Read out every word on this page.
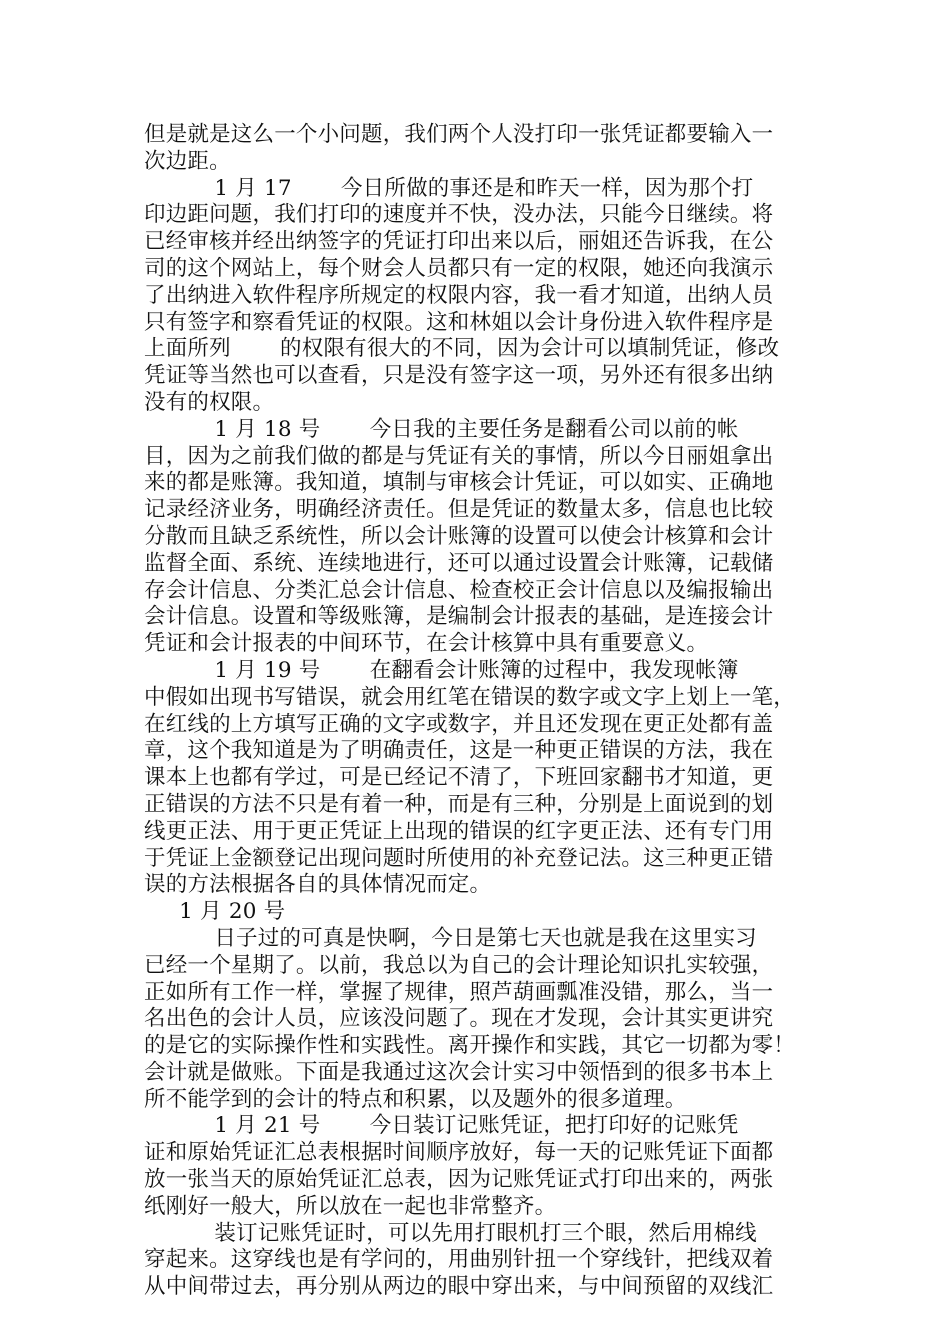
但是就是这么一个小问题，我们两个人没打印一张凭证都要输入一
次边距。
1 月 17       今日所做的事还是和昨天一样，因为那个打
印边距问题，我们打印的速度并不快，没办法，只能今日继续。将
已经审核并经出纳签字的凭证打印出来以后，丽姐还告诉我，在公
司的这个网站上，每个财会人员都只有一定的权限，她还向我演示
了出纳进入软件程序所规定的权限内容，我一看才知道，出纳人员
只有签字和察看凭证的权限。这和林姐以会计身份进入软件程序是
上面所列       的权限有很大的不同，因为会计可以填制凭证，修改
凭证等当然也可以查看，只是没有签字这一项，另外还有很多出纳
没有的权限。
1 月 18 号       今日我的主要任务是翻看公司以前的帐
目，因为之前我们做的都是与凭证有关的事情，所以今日丽姐拿出
来的都是账簿。我知道，填制与审核会计凭证，可以如实、正确地
记录经济业务，明确经济责任。但是凭证的数量太多，信息也比较
分散而且缺乏系统性，所以会计账簿的设置可以使会计核算和会计
监督全面、系统、连续地进行，还可以通过设置会计账簿，记载储
存会计信息、分类汇总会计信息、检查校正会计信息以及编报输出
会计信息。设置和等级账簿，是编制会计报表的基础，是连接会计
凭证和会计报表的中间环节，在会计核算中具有重要意义。
1 月 19 号       在翻看会计账簿的过程中，我发现帐簿
中假如出现书写错误，就会用红笔在错误的数字或文字上划上一笔，
在红线的上方填写正确的文字或数字，并且还发现在更正处都有盖
章，这个我知道是为了明确责任，这是一种更正错误的方法，我在
课本上也都有学过，可是已经记不清了，下班回家翻书才知道，更
正错误的方法不只是有着一种，而是有三种，分别是上面说到的划
线更正法、用于更正凭证上出现的错误的红字更正法、还有专门用
于凭证上金额登记出现问题时所使用的补充登记法。这三种更正错
误的方法根据各自的具体情况而定。
1 月 20 号
日子过的可真是快啊，今日是第七天也就是我在这里实习
已经一个星期了。以前，我总以为自己的会计理论知识扎实较强，
正如所有工作一样，掌握了规律，照芦葫画瓢准没错，那么，当一
名出色的会计人员，应该没问题了。现在才发现，会计其实更讲究
的是它的实际操作性和实践性。离开操作和实践，其它一切都为零！
会计就是做账。下面是我通过这次会计实习中领悟到的很多书本上
所不能学到的会计的特点和积累，以及题外的很多道理。
1 月 21 号       今日装订记账凭证，把打印好的记账凭
证和原始凭证汇总表根据时间顺序放好，每一天的记账凭证下面都
放一张当天的原始凭证汇总表，因为记账凭证式打印出来的，两张
纸刚好一般大，所以放在一起也非常整齐。
装订记账凭证时，可以先用打眼机打三个眼，然后用棉线
穿起来。这穿线也是有学问的，用曲别针扭一个穿线针，把线双着
从中间带过去，再分别从两边的眼中穿出来，与中间预留的双线汇
